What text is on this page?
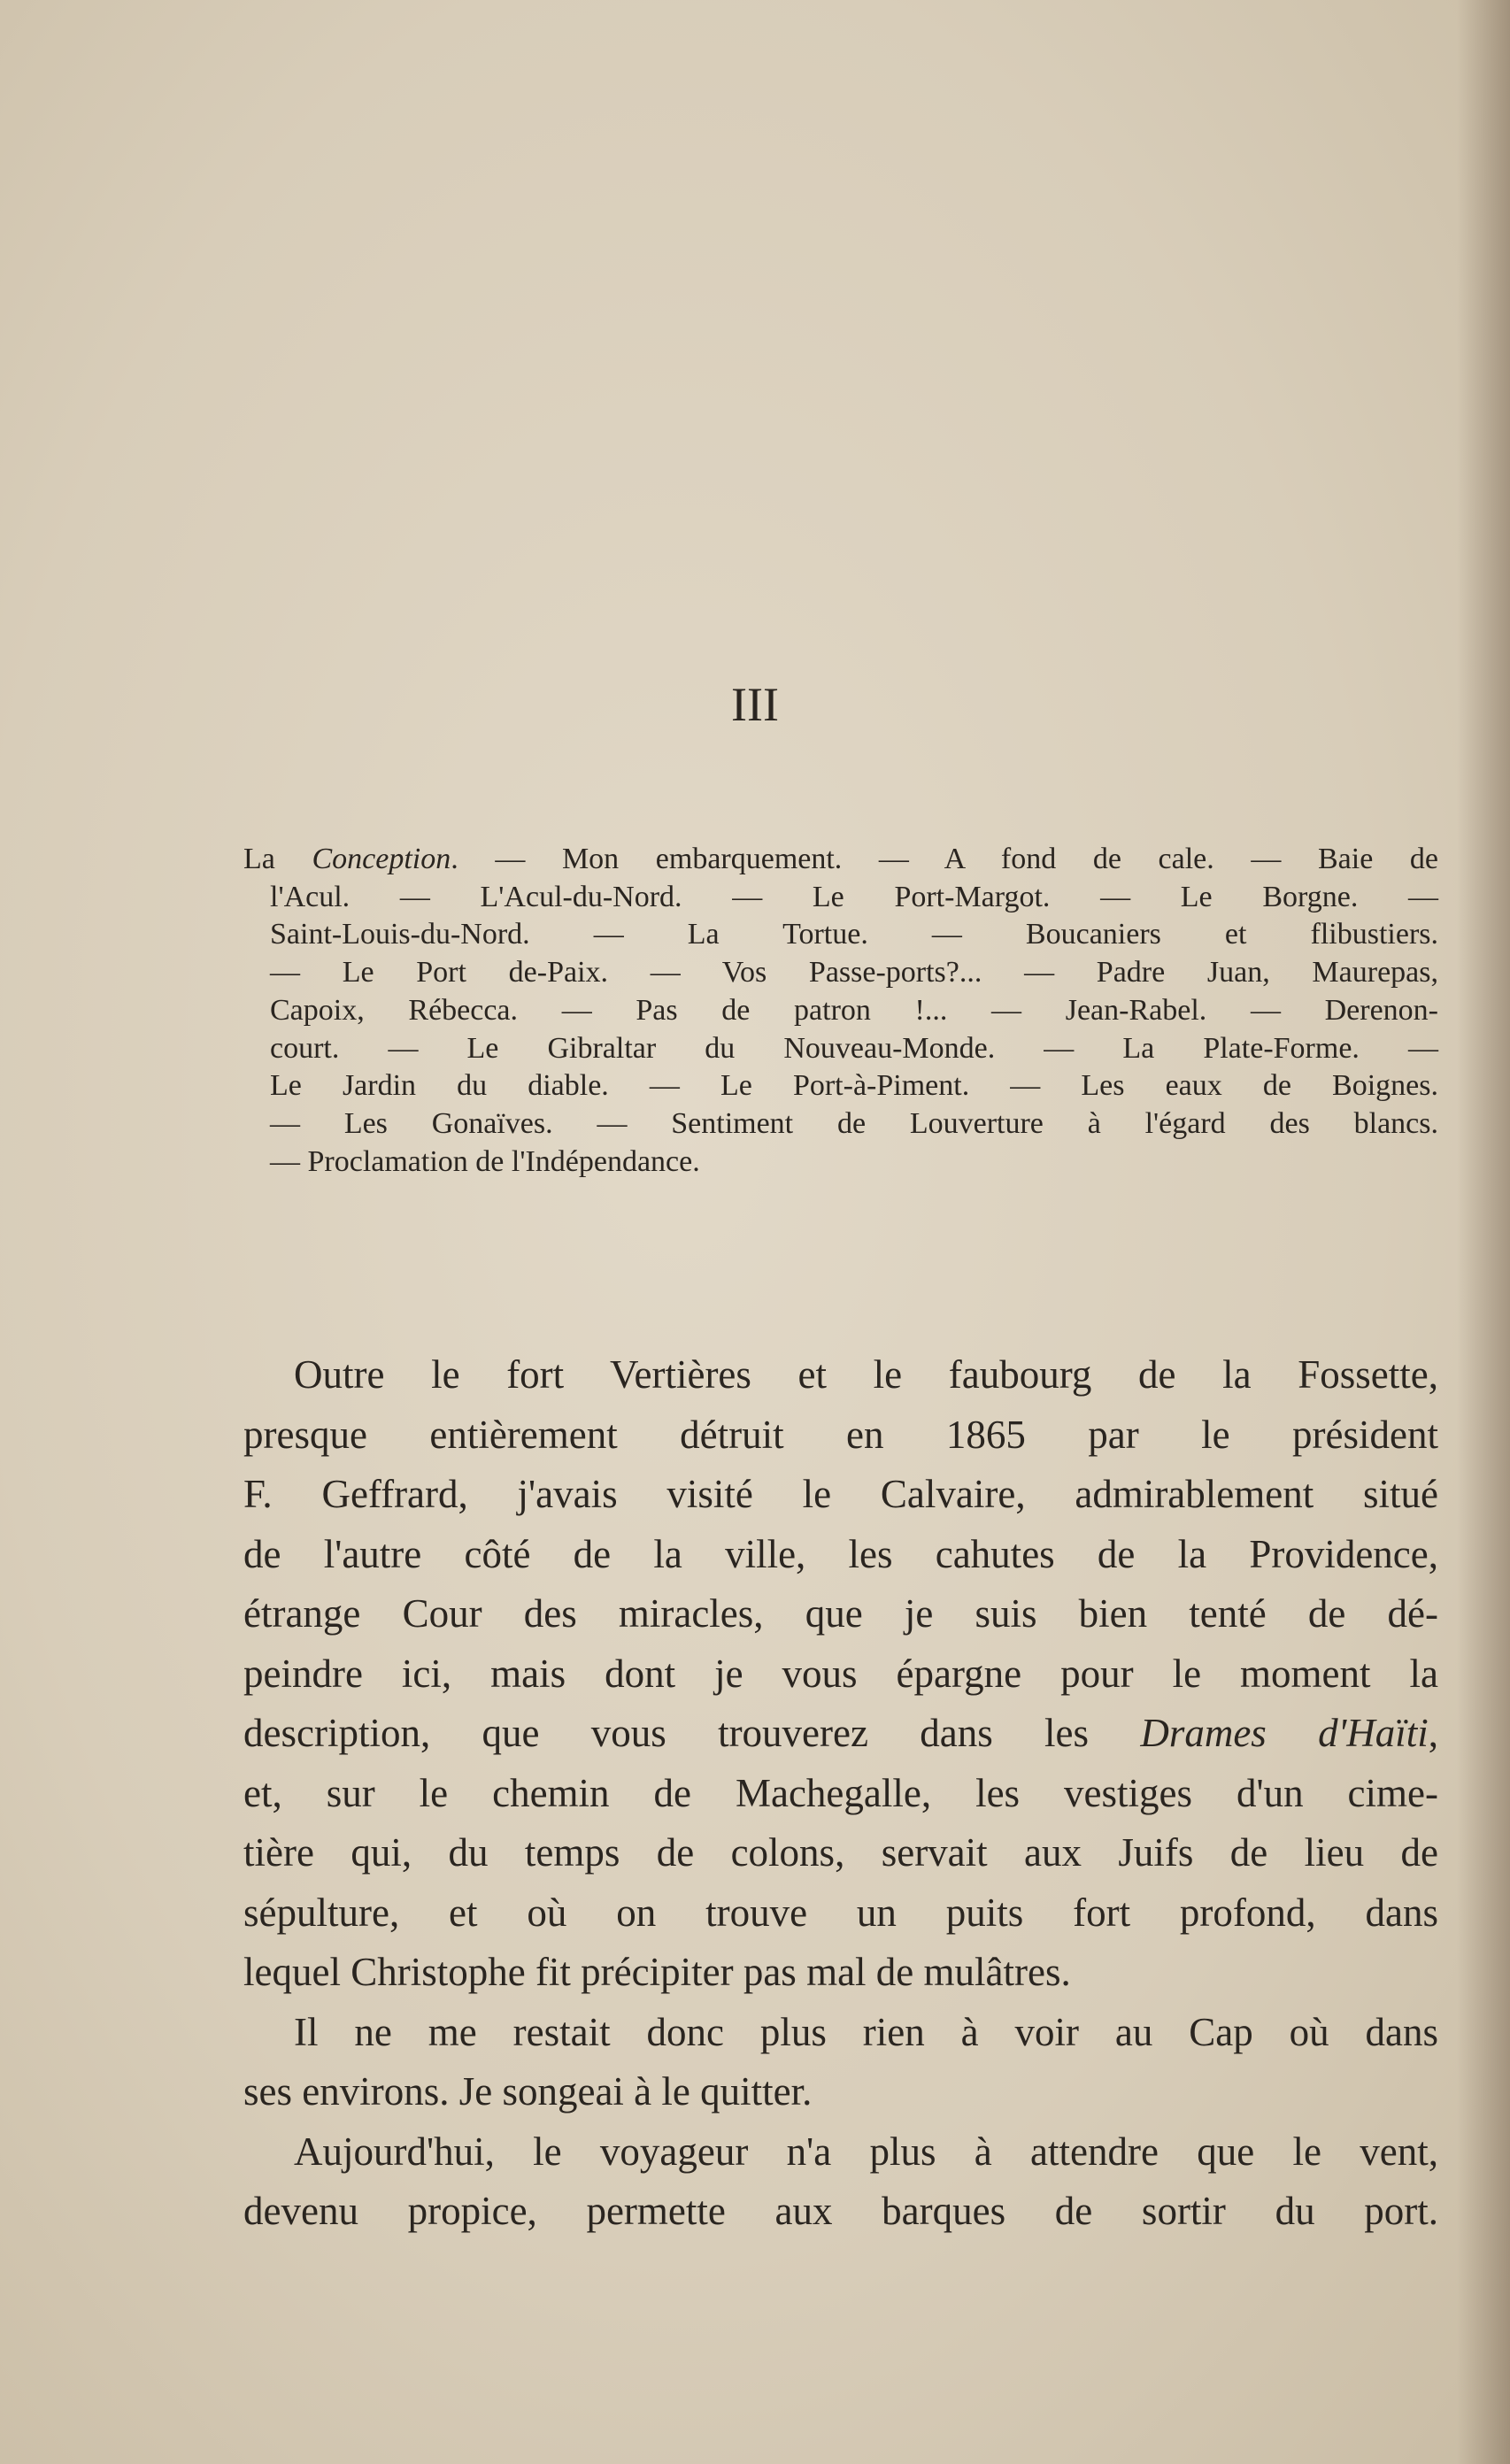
III
La Conception. — Mon embarquement. — A fond de cale. — Baie de
l'Acul. — L'Acul-du-Nord. — Le Port-Margot. — Le Borgne. —
Saint-Louis-du-Nord. — La Tortue. — Boucaniers et flibustiers.
— Le Port de-Paix. — Vos Passe-ports?... — Padre Juan, Maurepas,
Capoix, Rébecca. — Pas de patron !... — Jean-Rabel. — Derenon-
court. — Le Gibraltar du Nouveau-Monde. — La Plate-Forme. —
Le Jardin du diable. — Le Port-à-Piment. — Les eaux de Boignes.
— Les Gonaïves. — Sentiment de Louverture à l'égard des blancs.
— Proclamation de l'Indépendance.
Outre le fort Vertières et le faubourg de la Fossette,
presque entièrement détruit en 1865 par le président
F. Geffrard, j'avais visité le Calvaire, admirablement situé
de l'autre côté de la ville, les cahutes de la Providence,
étrange Cour des miracles, que je suis bien tenté de dé-
peindre ici, mais dont je vous épargne pour le moment la
description, que vous trouverez dans les Drames d'Haïti,
et, sur le chemin de Machegalle, les vestiges d'un cime-
tière qui, du temps de colons, servait aux Juifs de lieu de
sépulture, et où on trouve un puits fort profond, dans
lequel Christophe fit précipiter pas mal de mulâtres.
Il ne me restait donc plus rien à voir au Cap où dans
ses environs. Je songeai à le quitter.
Aujourd'hui, le voyageur n'a plus à attendre que le vent,
devenu propice, permette aux barques de sortir du port.
